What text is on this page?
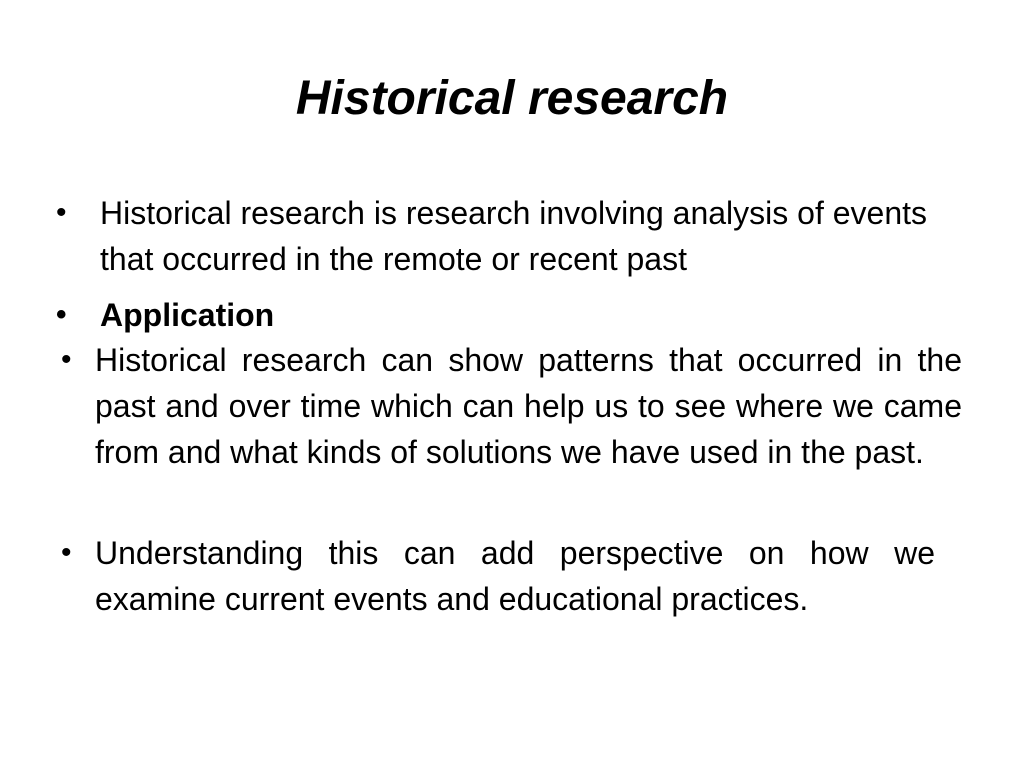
Historical research
• Historical research is research involving analysis of events that occurred in the remote or recent past
• Application
• Historical research can show patterns that occurred in the past and over time which can help us to see where we came from and what kinds of solutions we have used in the past.
• Understanding this can add perspective on how we examine current events and educational practices.
